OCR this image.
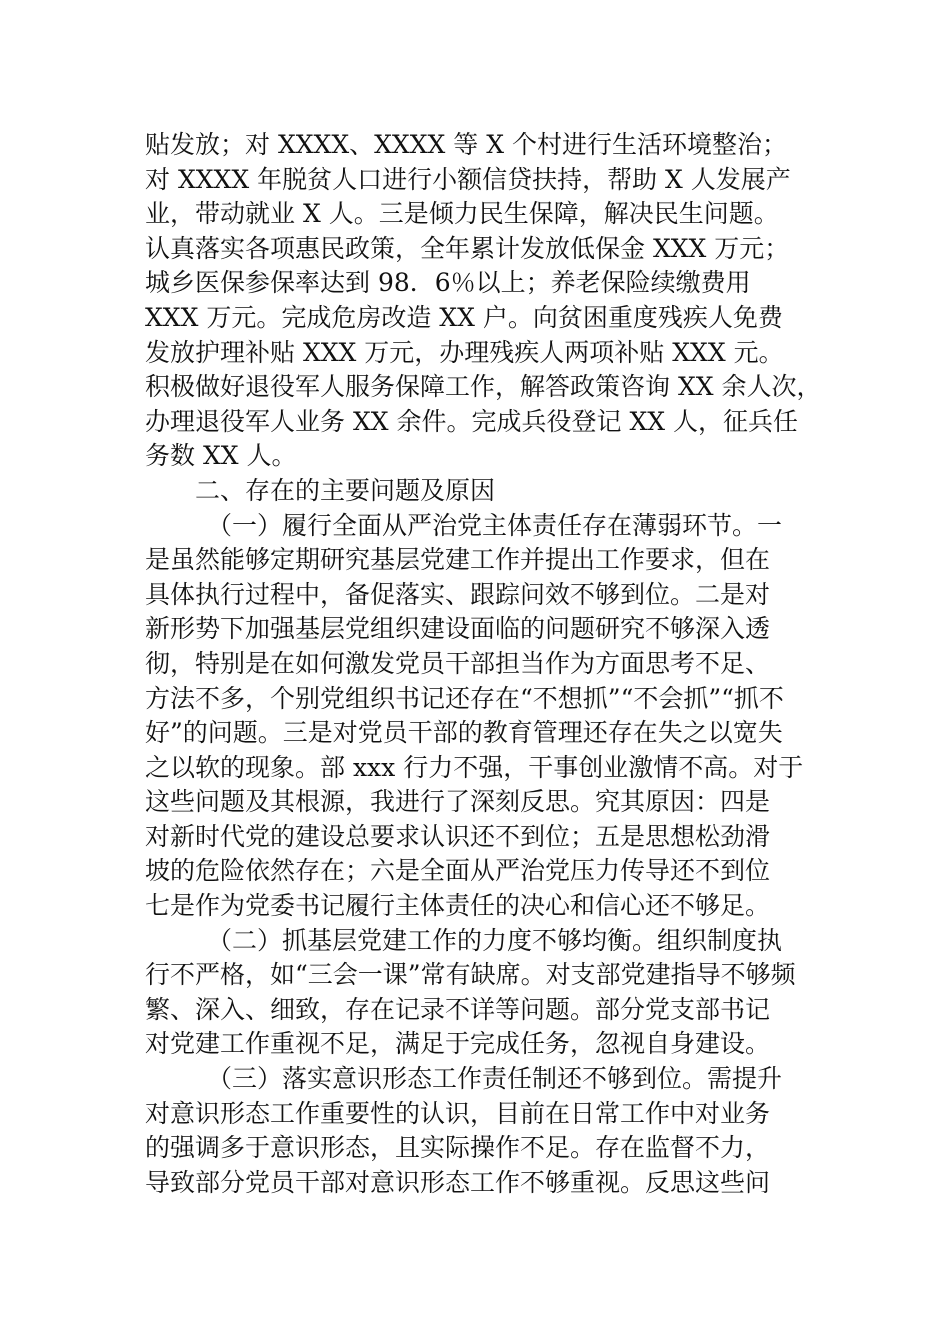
贴发放；对 XXXX、XXXX 等 X 个村进行生活环境整治；
对 XXXX 年脱贫人口进行小额信贷扶持，帮助 X 人发展产
业，带动就业 X 人。三是倾力民生保障，解决民生问题。
认真落实各项惠民政策，全年累计发放低保金 XXX 万元；
城乡医保参保率达到 98．6％以上；养老保险续缴费用
XXX 万元。完成危房改造 XX 户。向贫困重度残疾人免费
发放护理补贴 XXX 万元，办理残疾人两项补贴 XXX 元。
积极做好退役军人服务保障工作，解答政策咨询 XX 余人次，
办理退役军人业务 XX 余件。完成兵役登记 XX 人，征兵任
务数 XX 人。
二、存在的主要问题及原因
（一）履行全面从严治党主体责任存在薄弱环节。一
是虽然能够定期研究基层党建工作并提出工作要求，但在
具体执行过程中，备促落实、跟踪问效不够到位。二是对
新形势下加强基层党组织建设面临的问题研究不够深入透
彻，特别是在如何激发党员干部担当作为方面思考不足、
方法不多，个别党组织书记还存在“不想抓”“不会抓”“抓不
好”的问题。三是对党员干部的教育管理还存在失之以宽失
之以软的现象。部 xxx 行力不强，干事创业激情不高。对于
这些问题及其根源，我进行了深刻反思。究其原因：四是
对新时代党的建设总要求认识还不到位；五是思想松劲滑
坡的危险依然存在；六是全面从严治党压力传导还不到位
七是作为党委书记履行主体责任的决心和信心还不够足。
（二）抓基层党建工作的力度不够均衡。组织制度执
行不严格，如“三会一课”常有缺席。对支部党建指导不够频
繁、深入、细致，存在记录不详等问题。部分党支部书记
对党建工作重视不足，满足于完成任务，忽视自身建设。
（三）落实意识形态工作责任制还不够到位。需提升
对意识形态工作重要性的认识，目前在日常工作中对业务
的强调多于意识形态，且实际操作不足。存在监督不力，
导致部分党员干部对意识形态工作不够重视。反思这些问
